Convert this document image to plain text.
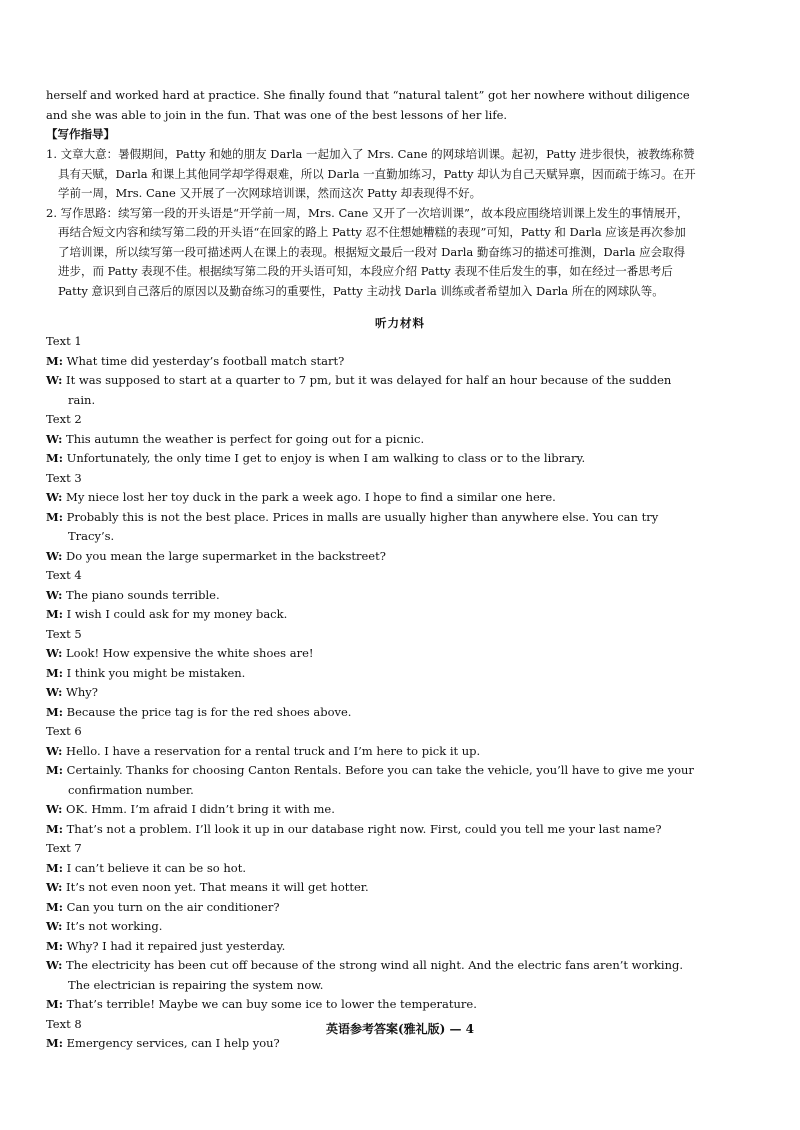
herself and worked hard at practice. She finally found that “natural talent” got her nowhere without diligence and she was able to join in the fun. That was one of the best lessons of her life.

【写作指导】

1. 文章大意：暑假期间，Patty 和她的朋友 Darla 一起加入了 Mrs. Cane 的网球培训课。起初，Patty 进步很快，被教练称赞具有天赋，Darla 和课上其他同学却学得艰难，所以 Darla 一直勤加练习，Patty 却认为自己天赋异禀，因而疏于练习。在开学前一周，Mrs. Cane 又开展了一次网球培训课，然而这次 Patty 却表现得不好。

2. 写作思路：续写第一段的开头语是“开学前一周，Mrs. Cane 又开了一次培训课”，故本段应围绕培训课上发生的事情展开，再结合短文内容和续写第二段的开头语“在回家的路上 Patty 忍不住想她糟糕的表现”可知，Patty 和 Darla 应该是再次参加了培训课，所以续写第一段可描述两人在课上的表现。根据短文最后一段对 Darla 勤奋练习的描述可推测，Darla 应会取得进步，而 Patty 表现不佳。根据续写第二段的开头语可知，本段应介绍 Patty 表现不佳后发生的事，如在经过一番思考后 Patty 意识到自己落后的原因以及勤奋练习的重要性，Patty 主动找 Darla 训练或者希望加入 Darla 所在的网球队等。

听力材料

Text 1

M: What time did yesterday’s football match start?

W: It was supposed to start at a quarter to 7 pm, but it was delayed for half an hour because of the sudden rain.

Text 2

W: This autumn the weather is perfect for going out for a picnic.

M: Unfortunately, the only time I get to enjoy is when I am walking to class or to the library.

Text 3

W: My niece lost her toy duck in the park a week ago. I hope to find a similar one here.

M: Probably this is not the best place. Prices in malls are usually higher than anywhere else. You can try Tracy’s.

W: Do you mean the large supermarket in the backstreet?

Text 4

W: The piano sounds terrible.

M: I wish I could ask for my money back.

Text 5

W: Look! How expensive the white shoes are!

M: I think you might be mistaken.

W: Why?

M: Because the price tag is for the red shoes above.

Text 6

W: Hello. I have a reservation for a rental truck and I’m here to pick it up.

M: Certainly. Thanks for choosing Canton Rentals. Before you can take the vehicle, you’ll have to give me your confirmation number.

W: OK. Hmm. I’m afraid I didn’t bring it with me.

M: That’s not a problem. I’ll look it up in our database right now. First, could you tell me your last name?

Text 7

M: I can’t believe it can be so hot.

W: It’s not even noon yet. That means it will get hotter.

M: Can you turn on the air conditioner?

W: It’s not working.

M: Why? I had it repaired just yesterday.

W: The electricity has been cut off because of the strong wind all night. And the electric fans aren’t working. The electrician is repairing the system now.

M: That’s terrible! Maybe we can buy some ice to lower the temperature.

Text 8

M: Emergency services, can I help you?

英语参考答案(雅礼版) — 4
